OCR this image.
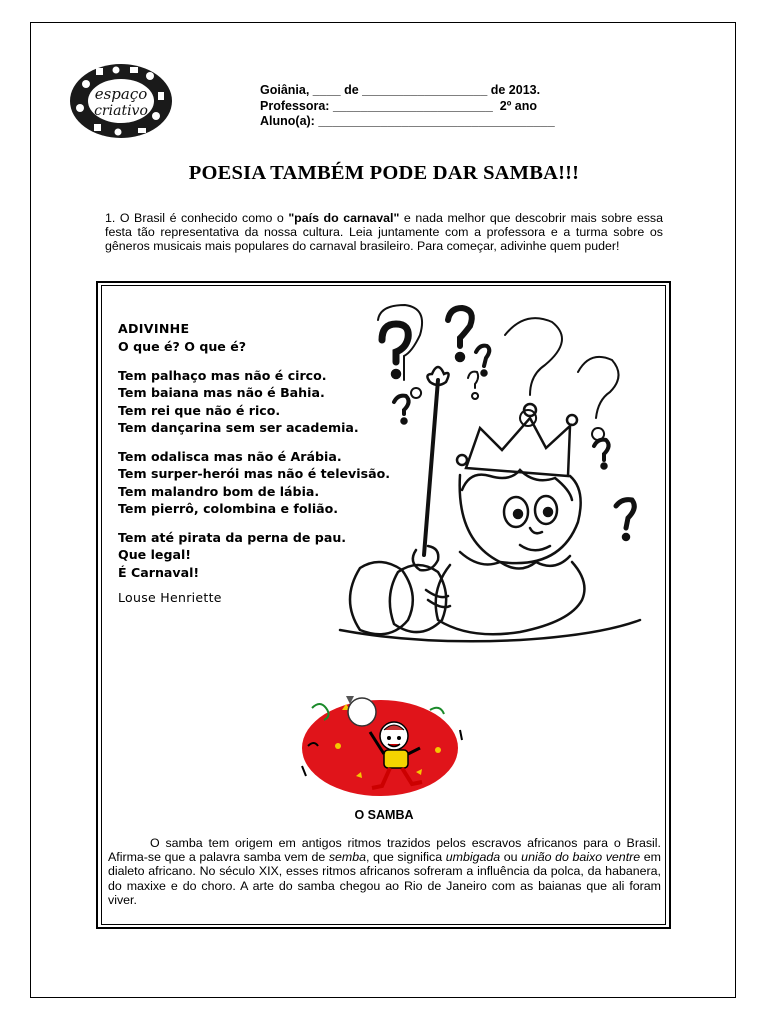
espaço
criativo
Goiânia, ____ de __________________ de 2013.
Professora: _______________________  2º ano
Aluno(a): __________________________________
POESIA TAMBÉM PODE DAR SAMBA!!!
1. O Brasil é conhecido como o "país do carnaval" e nada melhor que descobrir mais sobre essa festa tão representativa da nossa cultura. Leia juntamente com a professora e a turma sobre os gêneros musicais mais populares do carnaval brasileiro. Para começar, adivinhe quem puder!
ADIVINHE
O que é? O que é?
Tem palhaço mas não é circo.
Tem baiana mas não é Bahia.
Tem rei que não é rico.
Tem dançarina sem ser academia.
Tem odalisca mas não é Arábia.
Tem surper-herói mas não é televisão.
Tem malandro bom de lábia.
Tem pierrô, colombina e folião.
Tem até pirata da perna de pau.
Que legal!
É Carnaval!
Louse Henriette
O SAMBA
O samba tem origem em antigos ritmos trazidos pelos escravos africanos para o Brasil. Afirma-se que a palavra samba vem de semba, que significa umbigada ou união do baixo ventre em dialeto africano. No século XIX, esses ritmos africanos sofreram a influência da polca, da habanera, do maxixe e do choro. A arte do samba chegou ao Rio de Janeiro com as baianas que ali foram viver.
